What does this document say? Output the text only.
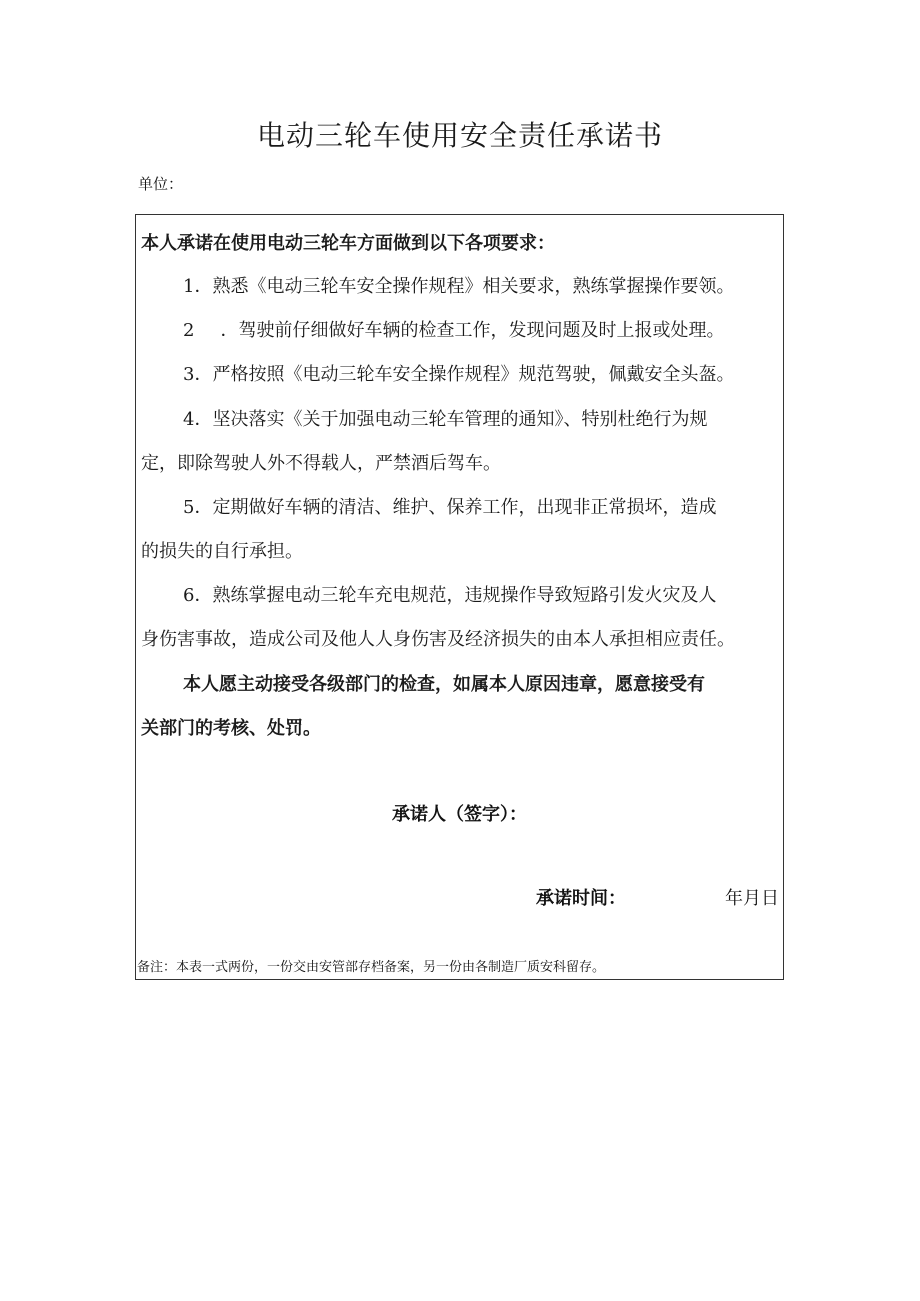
电动三轮车使用安全责任承诺书
单位：
本人承诺在使用电动三轮车方面做到以下各项要求：
1．熟悉《电动三轮车安全操作规程》相关要求，熟练掌握操作要领。
2 ．驾驶前仔细做好车辆的检查工作，发现问题及时上报或处理。
3．严格按照《电动三轮车安全操作规程》规范驾驶，佩戴安全头盔。
4．坚决落实《关于加强电动三轮车管理的通知》、特别杜绝行为规
定，即除驾驶人外不得载人，严禁酒后驾车。
5．定期做好车辆的清洁、维护、保养工作，出现非正常损坏，造成
的损失的自行承担。
6．熟练掌握电动三轮车充电规范，违规操作导致短路引发火灾及人
身伤害事故，造成公司及他人人身伤害及经济损失的由本人承担相应责任。
本人愿主动接受各级部门的检查，如属本人原因违章，愿意接受有
关部门的考核、处罚。
承诺人（签字）：
承诺时间：	年月日
备注：本表一式两份，一份交由安管部存档备案，另一份由各制造厂质安科留存。
